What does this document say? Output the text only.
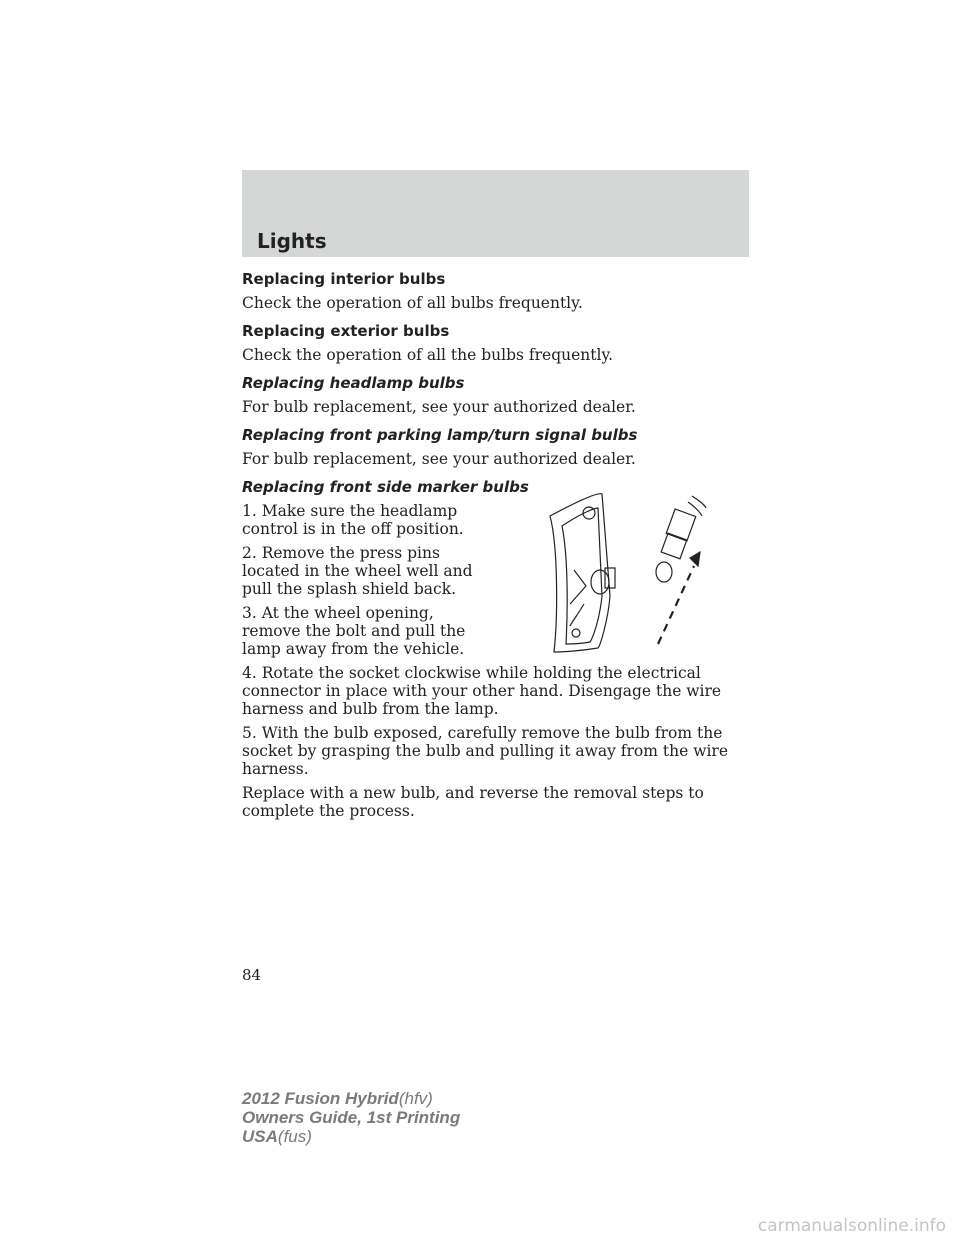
Lights
Replacing interior bulbs

Check the operation of all bulbs frequently.

Replacing exterior bulbs

Check the operation of all the bulbs frequently.

Replacing headlamp bulbs

For bulb replacement, see your authorized dealer.

Replacing front parking lamp/turn signal bulbs

For bulb replacement, see your authorized dealer.

Replacing front side marker bulbs

1. Make sure the headlamp control is in the off position.

2. Remove the press pins located in the wheel well and pull the splash shield back.

3. At the wheel opening, remove the bolt and pull the lamp away from the vehicle.

4. Rotate the socket clockwise while holding the electrical connector in place with your other hand. Disengage the wire harness and bulb from the lamp.

5. With the bulb exposed, carefully remove the bulb from the socket by grasping the bulb and pulling it away from the wire harness.

Replace with a new bulb, and reverse the removal steps to complete the process.

84
2012 Fusion Hybrid(hfv)
Owners Guide, 1st Printing
USA(fus)
carmanualsonline.info
